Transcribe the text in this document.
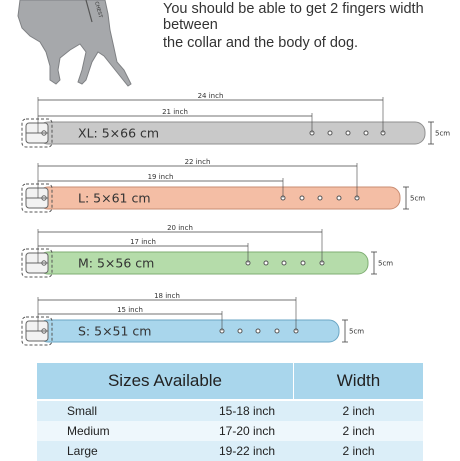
CHEST	You should be able to get 2 fingers width between
the collar and the body of dog.
XL: 5×66 cm
24 inch
21 inch
5cm
L: 5×61 cm
22 inch
19 inch
5cm
M: 5×56 cm
20 inch
17 inch
5cm
S: 5×51 cm
18 inch
15 inch
5cm
Sizes Available	Width
Small	15-18 inch	2 inch
Medium	17-20 inch	2 inch
Large	19-22 inch	2 inch
